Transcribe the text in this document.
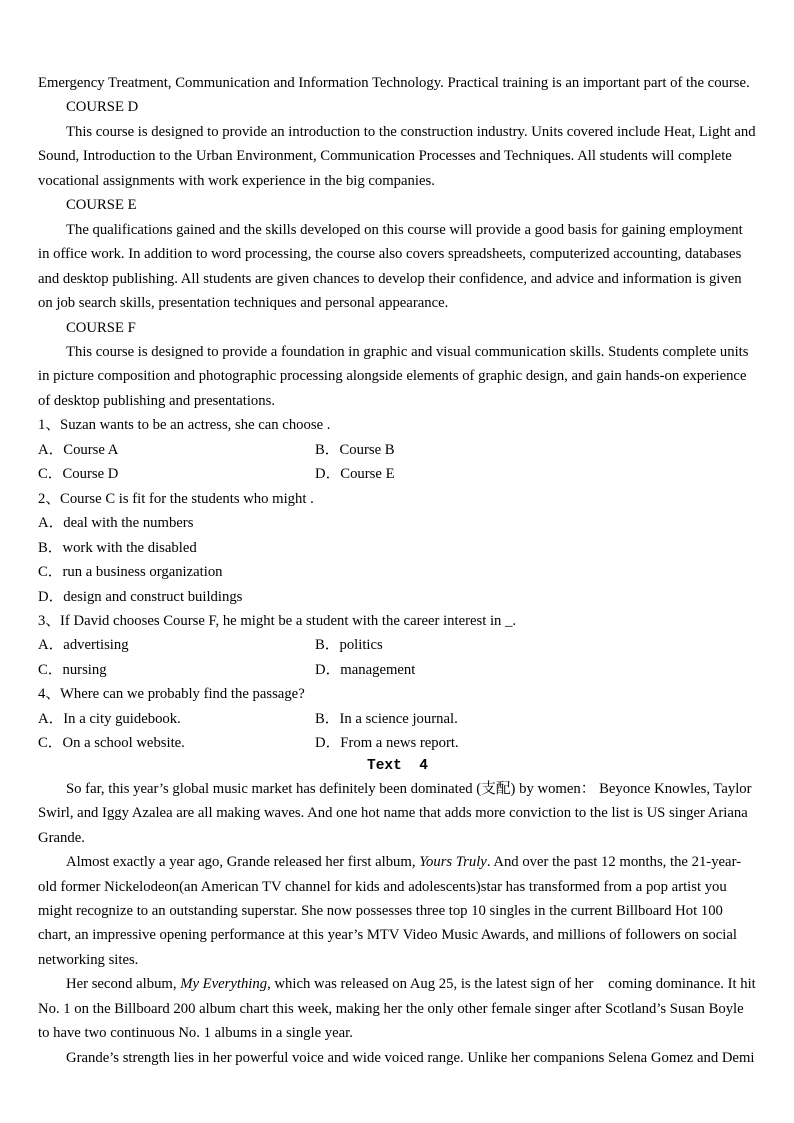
Emergency Treatment, Communication and Information Technology. Practical training is an important part of the course.

COURSE D

This course is designed to provide an introduction to the construction industry. Units covered include Heat, Light and Sound, Introduction to the Urban Environment, Communication Processes and Techniques. All students will complete vocational assignments with work experience in the big companies.

COURSE E

The qualifications gained and the skills developed on this course will provide a good basis for gaining employment in office work. In addition to word processing, the course also covers spreadsheets, computerized accounting, databases and desktop publishing. All students are given chances to develop their confidence, and advice and information is given on job search skills, presentation techniques and personal appearance.

COURSE F

This course is designed to provide a foundation in graphic and visual communication skills. Students complete units in picture composition and photographic processing alongside elements of graphic design, and gain hands-on experience of desktop publishing and presentations.

1、Suzan wants to be an actress, she can choose .

A．Course A	B．Course B
C．Course D	D．Course E

2、Course C is fit for the students who might .

A．deal with the numbers

B．work with the disabled

C．run a business organization

D．design and construct buildings

3、If David chooses Course F, he might be a student with the career interest in _.

A．advertising	B．politics
C．nursing	D．management

4、Where can we probably find the passage?

A．In a city guidebook.	B．In a science journal.
C．On a school website.	D．From a news report.

Text  4

So far, this year’s global music market has definitely been dominated (支配) by women： Beyonce Knowles, Taylor Swirl, and Iggy Azalea are all making waves. And one hot name that adds more conviction to the list is US singer Ariana Grande.

Almost exactly a year ago, Grande released her first album, Yours Truly. And over the past 12 months, the 21-year-old former Nickelodeon(an American TV channel for kids and adolescents)star has transformed from a pop artist you might recognize to an outstanding superstar. She now possesses three top 10 singles in the current Billboard Hot 100 chart, an impressive opening performance at this year’s MTV Video Music Awards, and millions of followers on social networking sites.

Her second album, My Everything, which was released on Aug 25, is the latest sign of her　coming dominance. It hit No. 1 on the Billboard 200 album chart this week, making her the only other female singer after Scotland’s Susan Boyle to have two continuous No. 1 albums in a single year.

Grande’s strength lies in her powerful voice and wide voiced range. Unlike her companions Selena Gomez and Demi
